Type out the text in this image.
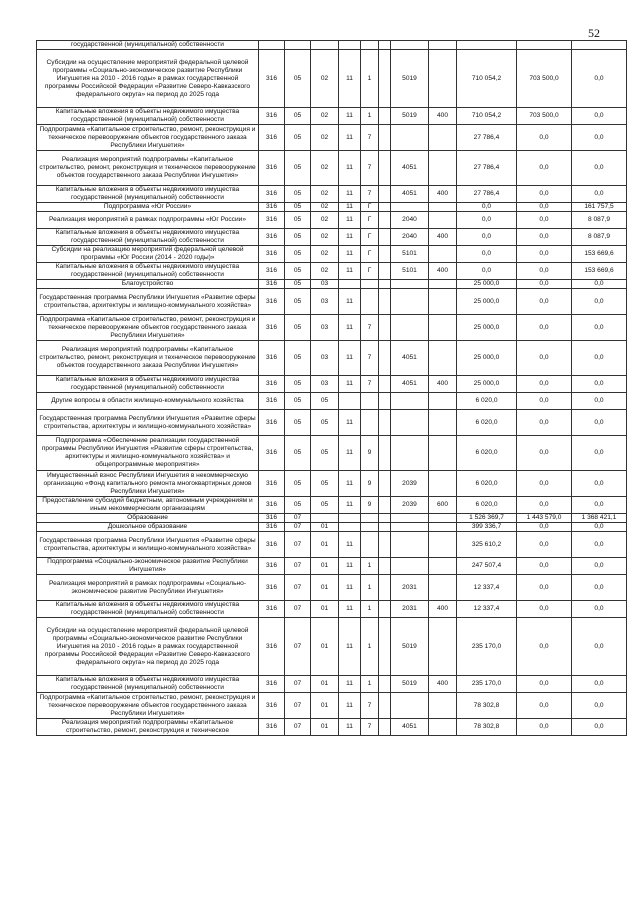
52
государственной (муниципальной) собственности											
Субсидии на осуществление мероприятий федеральной целевой программы «Социально-экономическое развитие Республики Ингушетия на 2010 - 2016 годы» в рамках государственной программы Российской Федерации «Развитие Северо-Кавказского федерального округа» на период до 2025 года	316	05	02	11	1		5019		710 054,2	703 500,0	0,0
Капитальные вложения в объекты недвижимого имущества государственной (муниципальной) собственности	316	05	02	11	1		5019	400	710 054,2	703 500,0	0,0
Подпрограмма «Капитальное строительство, ремонт, реконструкция и техническое перевооружение объектов государственного заказа Республики Ингушетия»	316	05	02	11	7				27 786,4	0,0	0,0
Реализация мероприятий подпрограммы «Капитальное строительство, ремонт, реконструкция и техническое перевооружение объектов государственного заказа Республики Ингушетия»	316	05	02	11	7		4051		27 786,4	0,0	0,0
Капитальные вложения в объекты недвижимого имущества государственной (муниципальной) собственности	316	05	02	11	7		4051	400	27 786,4	0,0	0,0
Подпрограмма «Юг России»	316	05	02	11	Г				0,0	0,0	161 757,5
Реализация мероприятий в рамках подпрограммы «Юг России»	316	05	02	11	Г		2040		0,0	0,0	8 087,9
Капитальные вложения в объекты недвижимого имущества государственной (муниципальной) собственности	316	05	02	11	Г		2040	400	0,0	0,0	8 087,9
Субсидии на реализацию мероприятий федеральной целевой программы «Юг России (2014 - 2020 годы)»	316	05	02	11	Г		5101		0,0	0,0	153 669,6
Капитальные вложения в объекты недвижимого имущества государственной (муниципальной) собственности	316	05	02	11	Г		5101	400	0,0	0,0	153 669,6
Благоустройство	316	05	03						25 000,0	0,0	0,0
Государственная программа Республики Ингушетия «Развитие сферы строительства, архитектуры и жилищно-коммунального хозяйства»	316	05	03	11					25 000,0	0,0	0,0
Подпрограмма «Капитальное строительство, ремонт, реконструкция и техническое перевооружение объектов государственного заказа Республики Ингушетия»	316	05	03	11	7				25 000,0	0,0	0,0
Реализация мероприятий подпрограммы «Капитальное строительство, ремонт, реконструкция и техническое перевооружение объектов государственного заказа Республики Ингушетия»	316	05	03	11	7		4051		25 000,0	0,0	0,0
Капитальные вложения в объекты недвижимого имущества государственной (муниципальной) собственности	316	05	03	11	7		4051	400	25 000,0	0,0	0,0
Другие вопросы в области жилищно-коммунального хозяйства	316	05	05						6 020,0	0,0	0,0
Государственная программа Республики Ингушетия «Развитие сферы строительства, архитектуры и жилищно-коммунального хозяйства»	316	05	05	11					6 020,0	0,0	0,0
Подпрограмма «Обеспечение реализации государственной программы Республики Ингушетия «Развитие сферы строительства, архитектуры и жилищно-коммунального хозяйства» и общепрограммные мероприятия»	316	05	05	11	9				6 020,0	0,0	0,0
Имущественный взнос Республики Ингушетия в некоммерческую организацию «Фонд капитального ремонта многоквартирных домов Республики Ингушетия»	316	05	05	11	9		2039		6 020,0	0,0	0,0
Предоставление субсидий бюджетным, автономным учреждениям и иным некоммерческим организациям	316	05	05	11	9		2039	600	6 020,0	0,0	0,0
Образование	316	07							1 526 369,7	1 443 579,0	1 368 421,1
Дошкольное образование	316	07	01						399 336,7	0,0	0,0
Государственная программа Республики Ингушетия «Развитие сферы строительства, архитектуры и жилищно-коммунального хозяйства»	316	07	01	11					325 610,2	0,0	0,0
Подпрограмма «Социально-экономическое развитие Республики Ингушетия»	316	07	01	11	1				247 507,4	0,0	0,0
Реализация мероприятий в рамках подпрограммы «Социально-экономическое развитие Республики Ингушетия»	316	07	01	11	1		2031		12 337,4	0,0	0,0
Капитальные вложения в объекты недвижимого имущества государственной (муниципальной) собственности	316	07	01	11	1		2031	400	12 337,4	0,0	0,0
Субсидии на осуществление мероприятий федеральной целевой программы «Социально-экономическое развитие Республики Ингушетия на 2010 - 2016 годы» в рамках государственной программы Российской Федерации «Развитие Северо-Кавказского федерального округа» на период до 2025 года	316	07	01	11	1		5019		235 170,0	0,0	0,0
Капитальные вложения в объекты недвижимого имущества государственной (муниципальной) собственности	316	07	01	11	1		5019	400	235 170,0	0,0	0,0
Подпрограмма «Капитальное строительство, ремонт, реконструкция и техническое перевооружение объектов государственного заказа Республики Ингушетия»	316	07	01	11	7				78 302,8	0,0	0,0
Реализация мероприятий подпрограммы «Капитальное строительство, ремонт, реконструкция и техническое	316	07	01	11	7		4051		78 302,8	0,0	0,0
